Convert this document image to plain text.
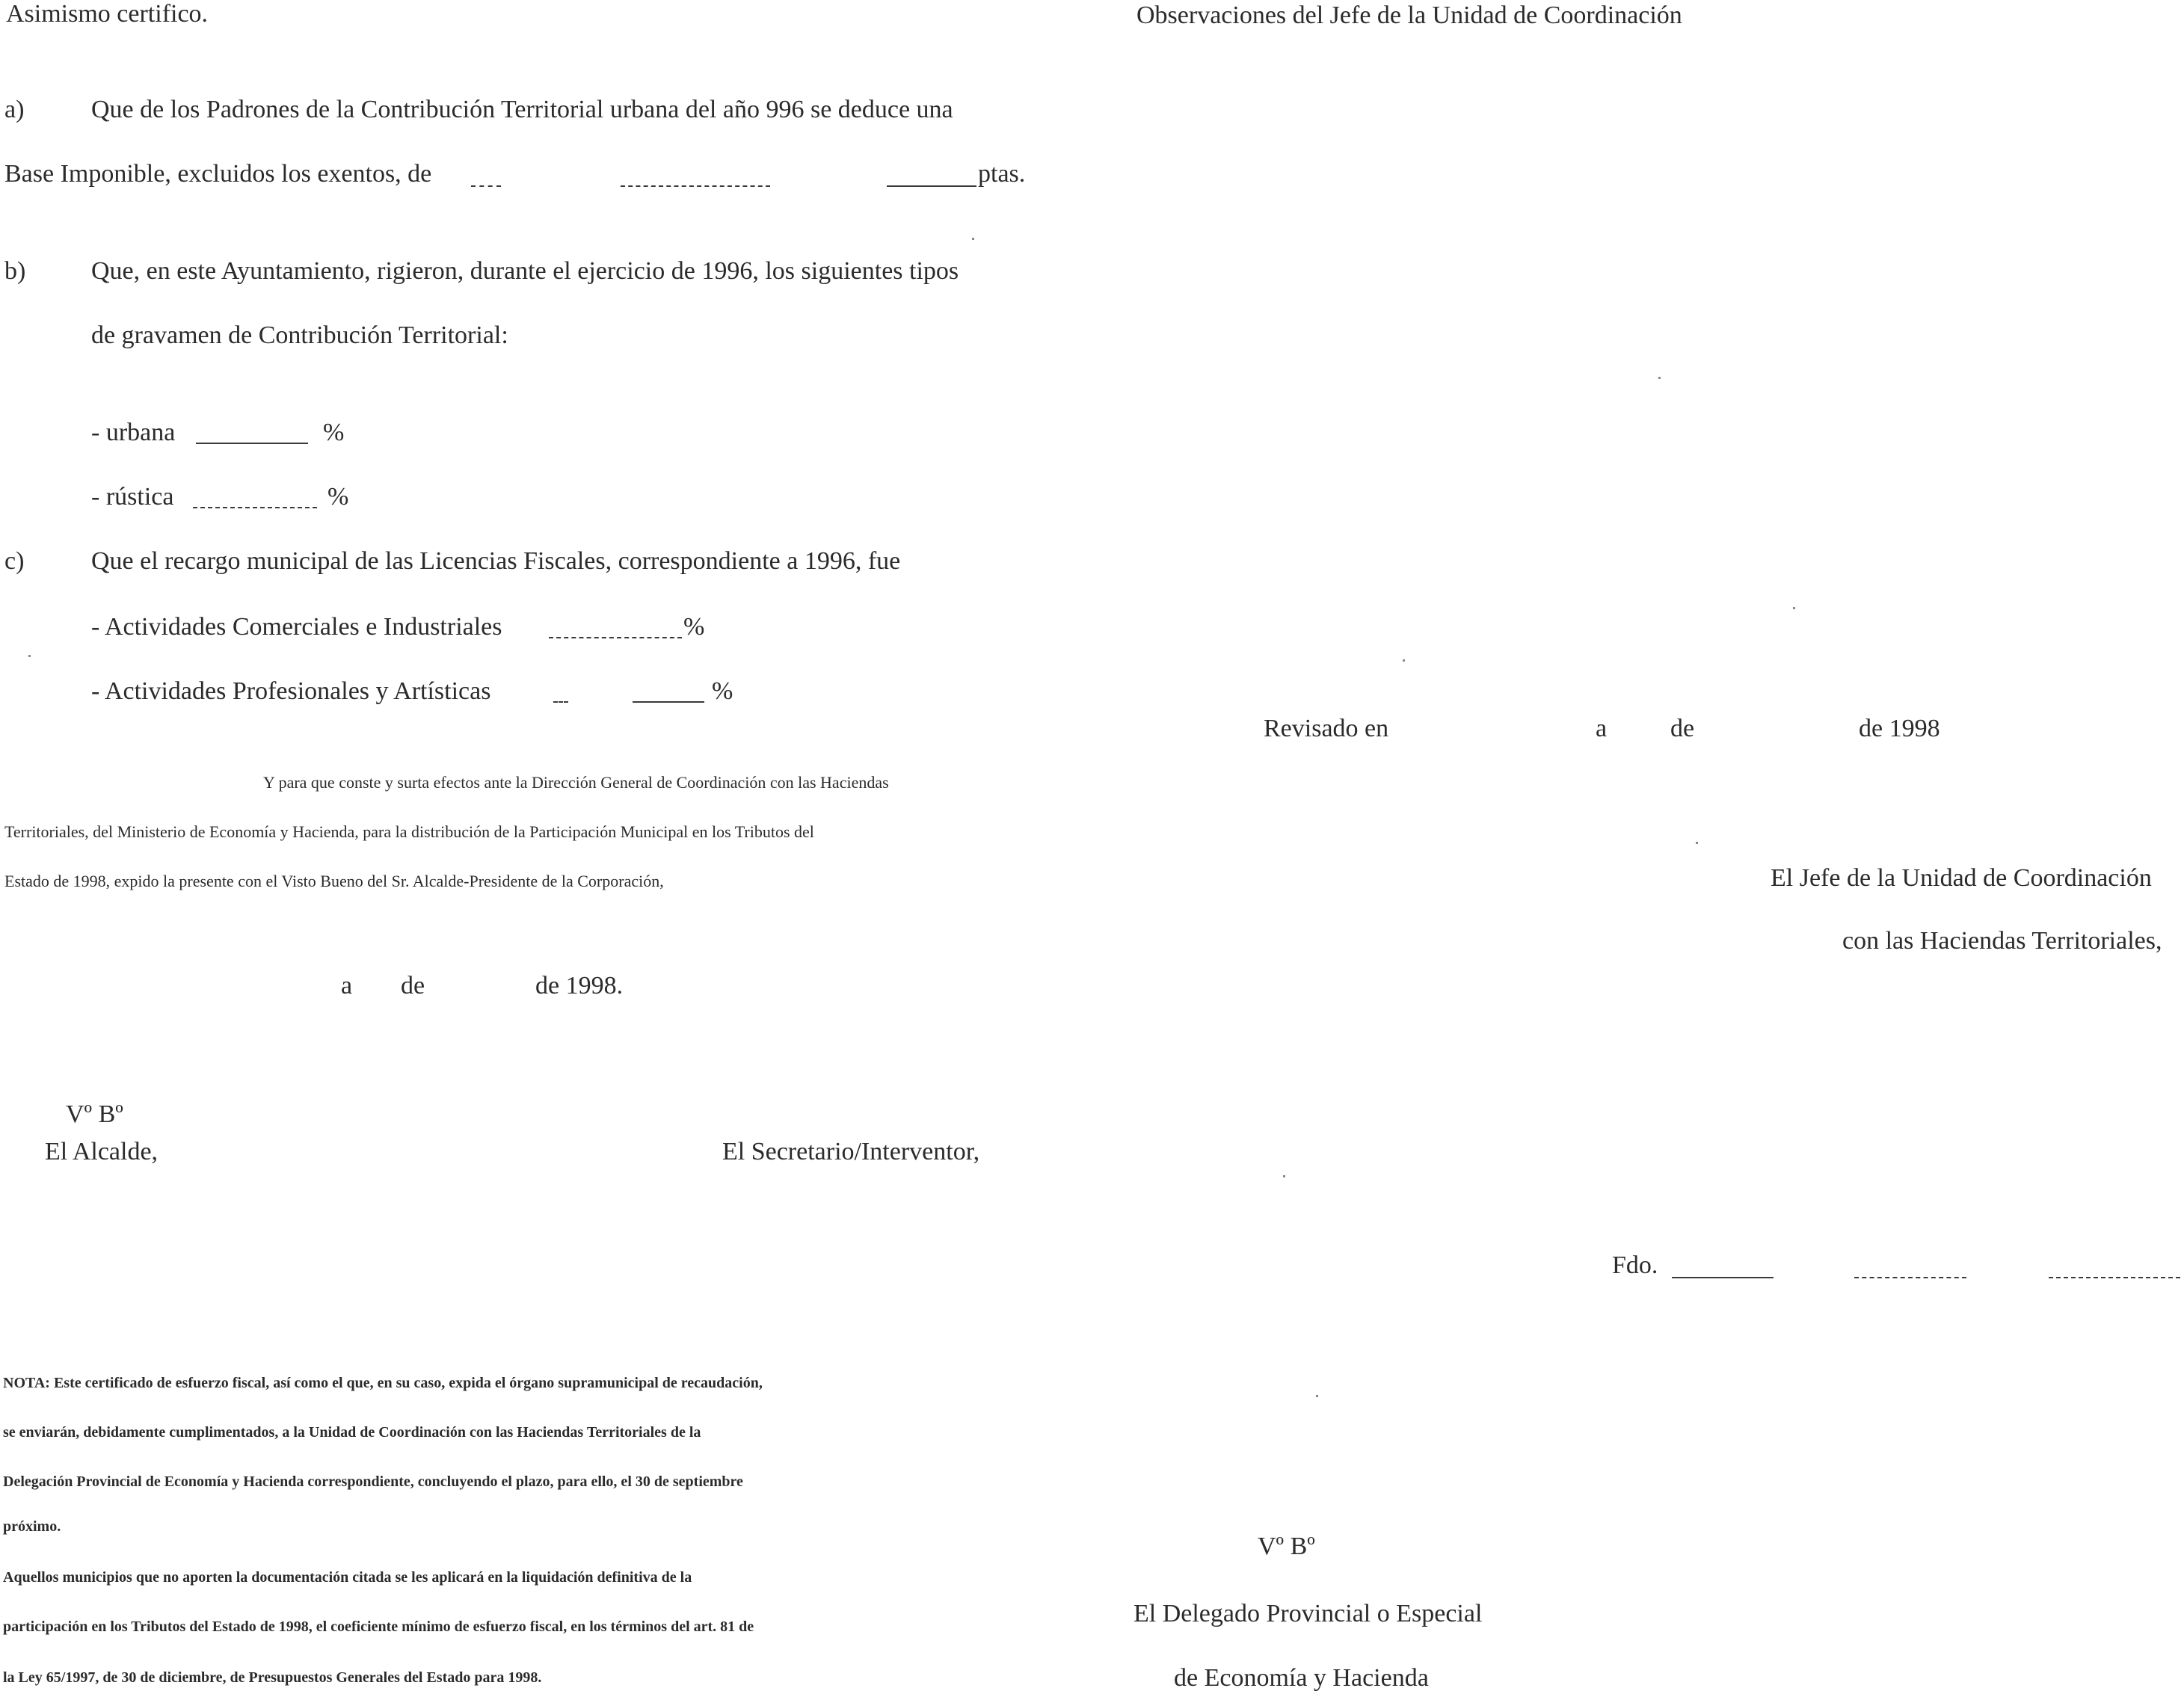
Asimismo certifico.
a)	Que de los Padrones de la Contribución Territorial urbana del año 996 se deduce una
Base Imponible, excluidos los exentos, de	ptas.
b)	Que, en este Ayuntamiento, rigieron, durante el ejercicio de 1996, los siguientes tipos
de gravamen de Contribución Territorial:
- urbana	%
- rústica	%
c)	Que el recargo municipal de las Licencias Fiscales, correspondiente a 1996, fue
- Actividades Comerciales e Industriales	%
- Actividades Profesionales y Artísticas	%
Y para que conste y surta efectos ante la Dirección General de Coordinación con las Haciendas
Territoriales, del Ministerio de Economía y Hacienda, para la distribución de la Participación Municipal en los Tributos del
Estado de 1998, expido la presente con el Visto Bueno del Sr. Alcalde-Presidente de la Corporación,
a de	de 1998.
Vº Bº
El Alcalde,	El Secretario/Interventor,
NOTA: Este certificado de esfuerzo fiscal, así como el que, en su caso, expida el órgano supramunicipal de recaudación,
se enviarán, debidamente cumplimentados, a la Unidad de Coordinación con las Haciendas Territoriales de la
Delegación Provincial de Economía y Hacienda correspondiente, concluyendo el plazo, para ello, el 30 de septiembre
próximo.
Aquellos municipios que no aporten la documentación citada se les aplicará en la liquidación definitiva de la
participación en los Tributos del Estado de 1998, el coeficiente mínimo de esfuerzo fiscal, en los términos del art. 81 de
la Ley 65/1997, de 30 de diciembre, de Presupuestos Generales del Estado para 1998.
Observaciones del Jefe de la Unidad de Coordinación
Revisado en	a de	de 1998
El Jefe de la Unidad de Coordinación
con las Haciendas Territoriales,
Fdo.
Vº Bº
El Delegado Provincial o Especial
de Economía y Hacienda
